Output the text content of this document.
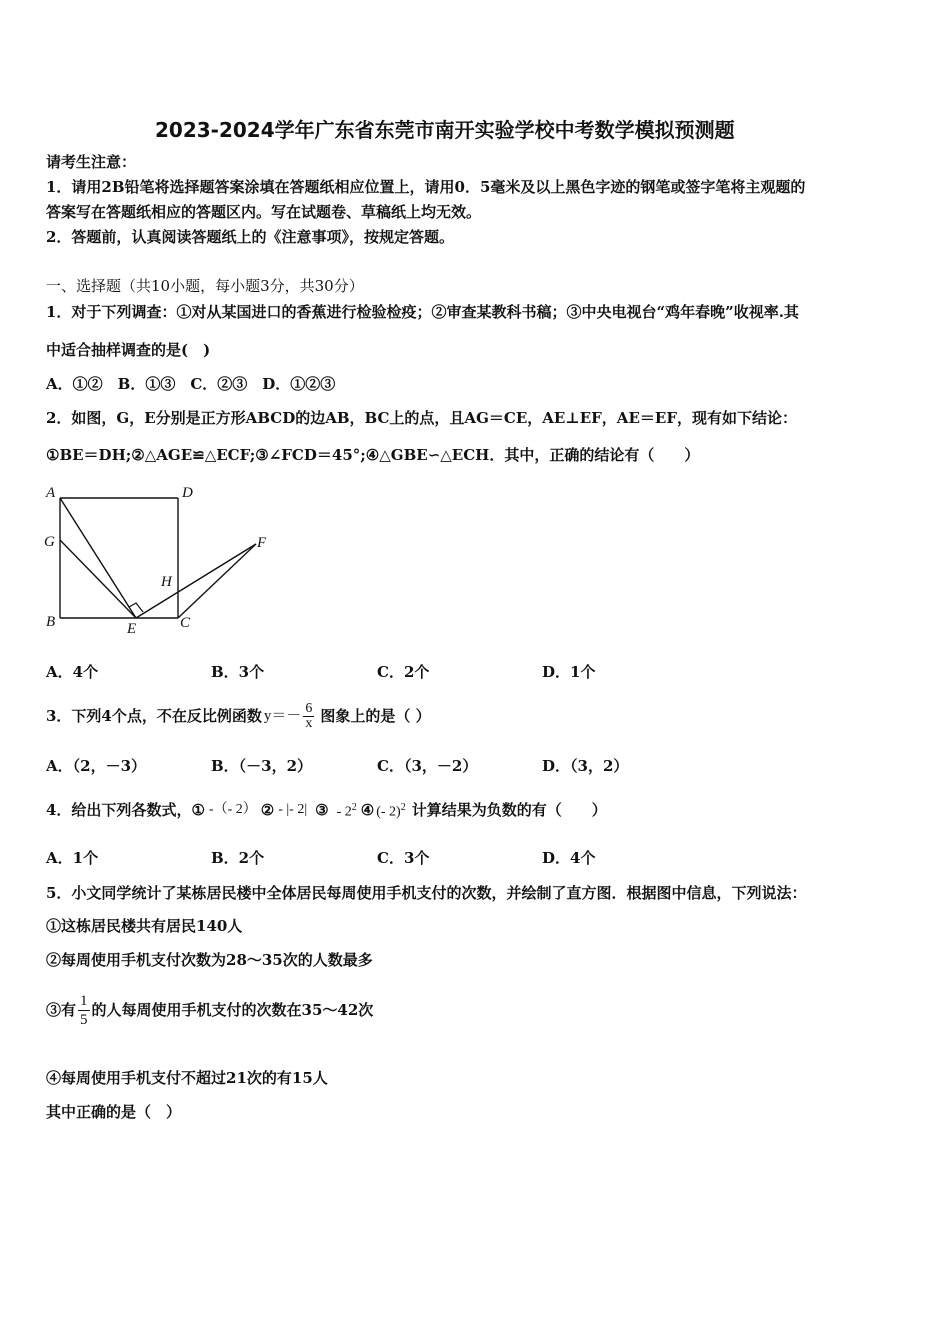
2023-2024学年广东省东莞市南开实验学校中考数学模拟预测题
请考生注意：
1．请用2B铅笔将选择题答案涂填在答题纸相应位置上，请用0．5毫米及以上黑色字迹的钢笔或签字笔将主观题的
答案写在答题纸相应的答题区内。写在试题卷、草稿纸上均无效。
2．答题前，认真阅读答题纸上的《注意事项》，按规定答题。
一、选择题（共10小题，每小题3分，共30分）
1．对于下列调查：①对从某国进口的香蕉进行检验检疫；②审查某教科书稿；③中央电视台“鸡年春晚”收视率.其
中适合抽样调查的是(　)
A．①②　B．①③　C．②③　D．①②③
2．如图，G，E分别是正方形ABCD的边AB，BC上的点，且AG＝CE，AE⊥EF，AE＝EF，现有如下结论：
①BE＝DH;②△AGE≌△ECF;③∠FCD＝45°;④△GBE∽△ECH．其中，正确的结论有（　　）
A	D
G	F
H
B	E	C
A．4个	B．3个	C．2个	D．1个
3．下列4个点，不在反比例函数 $y=- \frac{6}{x}$ 图象上的是（ ）
A．（2，－3）	B．（－3，2）	C．（3，－2）	D．（3，2）
4．给出下列各数式， ① -（- 2） ② - |- 2| ③ - $2^2$ ④ (- 2)$^2$ 计算结果为负数的有（　　）
A．1个	B．2个	C．3个	D．4个
5．小文同学统计了某栋居民楼中全体居民每周使用手机支付的次数，并绘制了直方图．根据图中信息，下列说法：
①这栋居民楼共有居民140人
②每周使用手机支付次数为28～35次的人数最多
③有 $\frac{1}{5}$ 的人每周使用手机支付的次数在35～42次
④每周使用手机支付不超过21次的有15人
其中正确的是（　）
